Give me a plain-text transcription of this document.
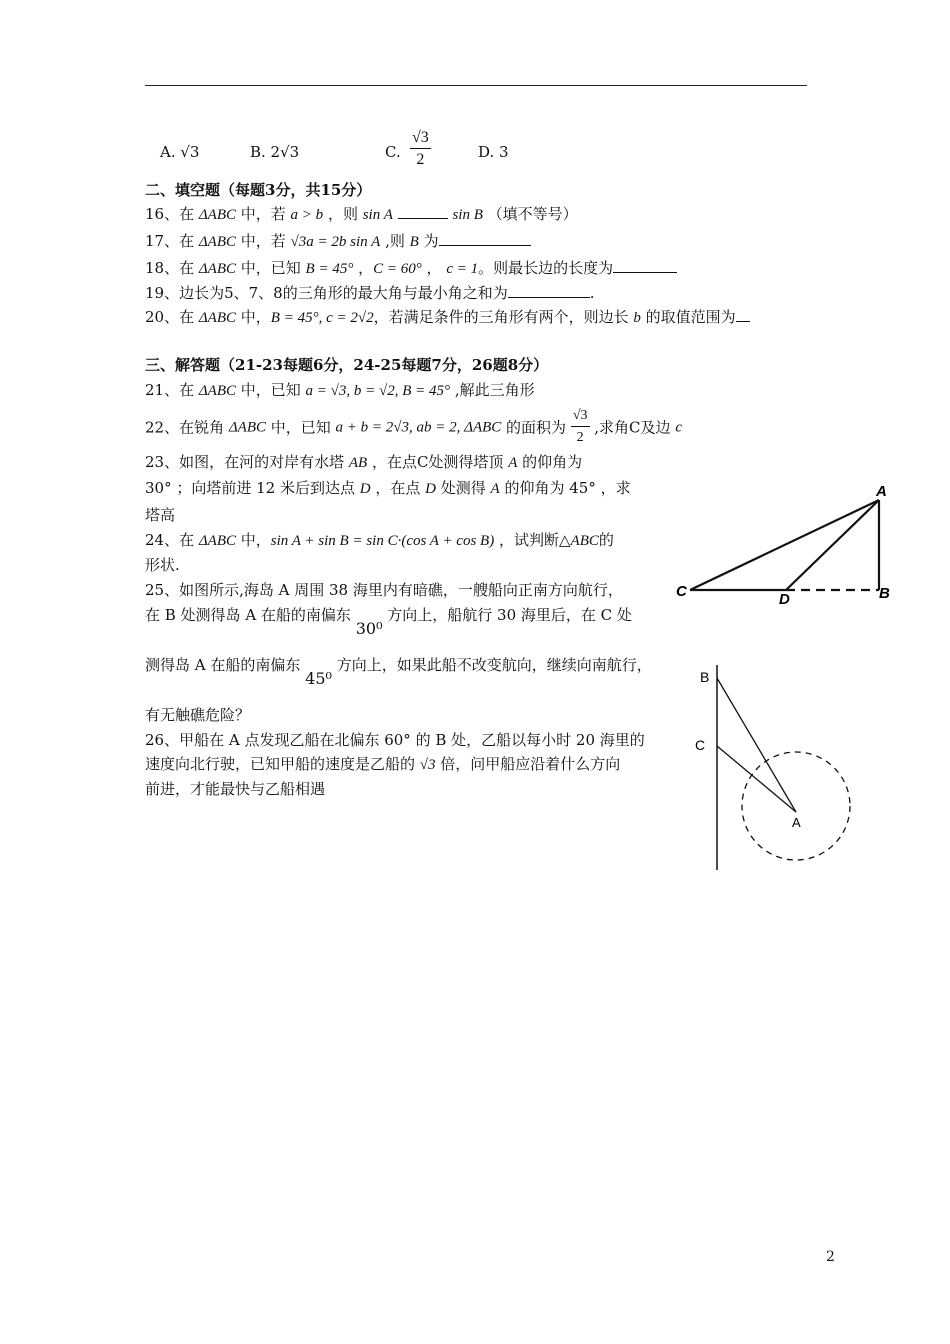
A. √3	B. 2√3	C. $\frac{√3}{2}$	D. 3
二、填空题（每题3分，共15分）
16、在 ΔABC 中，若 a > b ，则 sin A	sin B （填不等号）
17、在 ΔABC 中，若 √3a = 2b sin A ,则 B 为
18、在 ΔABC 中，已知 B = 45° ，C = 60° ， c = 1。则最长边的长度为
19、边长为5、7、8的三角形的最大角与最小角之和为	.
20、在 ΔABC 中，B = 45°, c = 2√2，若满足条件的三角形有两个，则边长 b 的取值范围为
三、解答题（21-23每题6分，24-25每题7分，26题8分）
21、在 ΔABC 中，已知 a = √3, b = √2, B = 45° ,解此三角形
22、在锐角 ΔABC 中，已知 a + b = 2√3, ab = 2, ΔABC 的面积为 $\frac{√3}{2}$ ,求角C及边 c
23、如图，在河的对岸有水塔 AB ，在点C处测得塔顶 A 的仰角为
30° ；向塔前进 12 米后到达点 D ，在点 D 处测得 A 的仰角为 45° ，求
塔高
24、在 ΔABC 中，sin A + sin B = sin C·(cos A + cos B) ，试判断△ABC的
形状.
25、如图所示,海岛 A 周围 38 海里内有暗礁，一艘船向正南方向航行，
在 B 处测得岛 A 在船的南偏东 30⁰ 方向上，船航行 30 海里后，在 C 处
测得岛 A 在船的南偏东 45⁰ 方向上，如果此船不改变航向，继续向南航行，
有无触礁危险？
26、甲船在 A 点发现乙船在北偏东 60° 的 B 处，乙船以每小时 20 海里的
速度向北行驶，已知甲船的速度是乙船的 √3 倍，问甲船应沿着什么方向
前进，才能最快与乙船相遇
A
C	D	B
B
C
A
2
